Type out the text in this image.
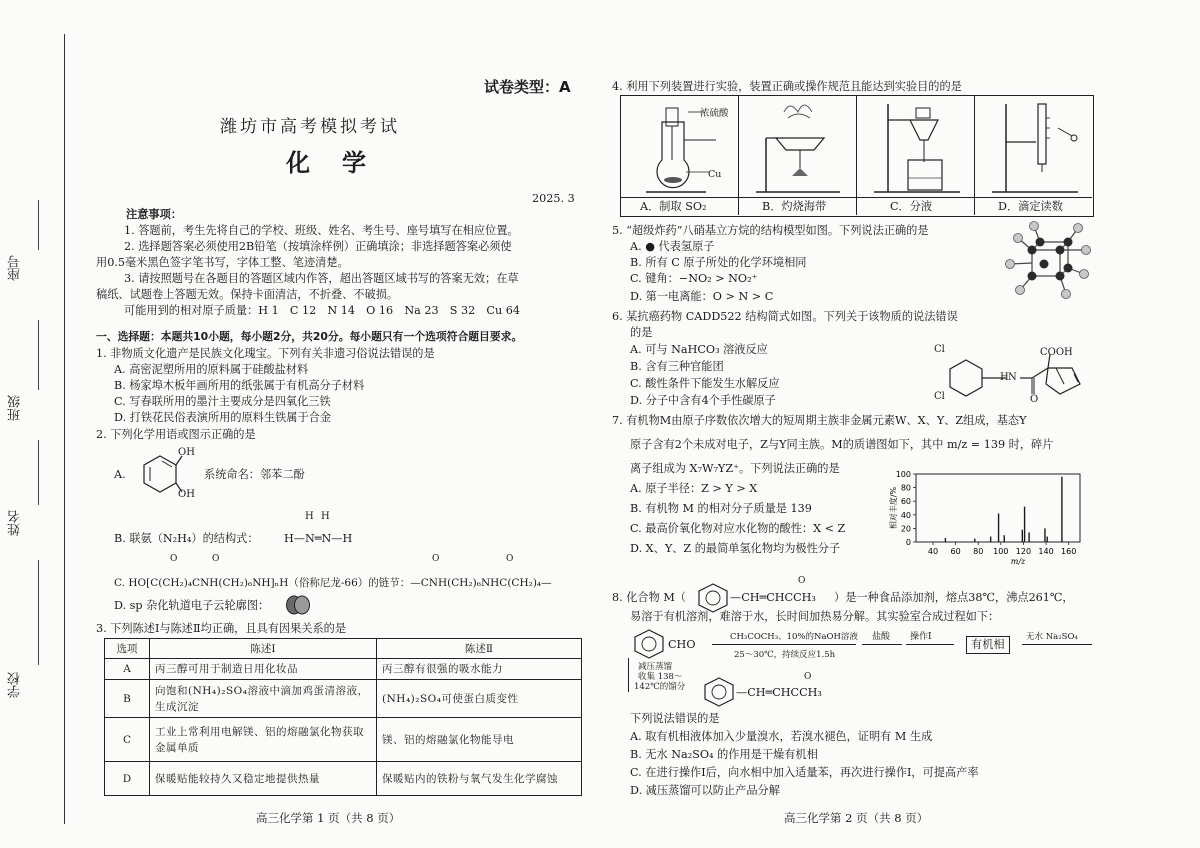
座号
班级
姓名
学校
试卷类型：A
潍坊市高考模拟考试
化　学
2025. 3
注意事项：
1. 答题前，考生先将自己的学校、班级、姓名、考生号、座号填写在相应位置。
2. 选择题答案必须使用2B铅笔（按填涂样例）正确填涂；非选择题答案必须使
用0.5毫米黑色签字笔书写，字体工整、笔迹清楚。
3. 请按照题号在各题目的答题区域内作答，超出答题区域书写的答案无效；在草
稿纸、试题卷上答题无效。保持卡面清洁，不折叠、不破损。
可能用到的相对原子质量：H 1　C 12　N 14　O 16　Na 23　S 32　Cu 64
一、选择题：本题共10小题，每小题2分，共20分。每小题只有一个选项符合题目要求。
1. 非物质文化遗产是民族文化瑰宝。下列有关非遗习俗说法错误的是
A. 高密泥塑所用的原料属于硅酸盐材料
B. 杨家埠木板年画所用的纸张属于有机高分子材料
C. 写春联所用的墨汁主要成分是四氧化三铁
D. 打铁花民俗表演所用的原料生铁属于合金
2. 下列化学用语或图示正确的是
A.
OH
OH
系统命名：邻苯二酚
B. 联氨（N₂H₄）的结构式：
H H
H—N═N—H
O	O	O	O
C. HO[C(CH₂)₄CNH(CH₂)₆NH]ₙH（俗称尼龙-66）的链节：—CNH(CH₂)₆NHC(CH₂)₄—
D. sp 杂化轨道电子云轮廓图：
3. 下列陈述Ⅰ与陈述Ⅱ均正确，且具有因果关系的是
选项	陈述Ⅰ	陈述Ⅱ
A	丙三醇可用于制造日用化妆品	丙三醇有很强的吸水能力
B	向饱和(NH₄)₂SO₄溶液中滴加鸡蛋清溶液，生成沉淀	(NH₄)₂SO₄可使蛋白质变性
C	工业上常利用电解镁、铝的熔融氯化物获取金属单质	镁、铝的熔融氯化物能导电
D	保暖贴能较持久又稳定地提供热量	保暖贴内的铁粉与氧气发生化学腐蚀
高三化学第 1 页（共 8 页）
4. 利用下列装置进行实验，装置正确或操作规范且能达到实验目的的是
浓硫酸
Cu
A．制取 SO₂	B．灼烧海带	C．分液	D．滴定读数
5. “超级炸药”八硝基立方烷的结构模型如图。下列说法正确的是
A. ● 代表氢原子
B. 所有 C 原子所处的化学环境相同
C. 键角：−NO₂ > NO₂⁺
D. 第一电离能：O > N > C
6. 某抗癌药物 CADD522 结构简式如图。下列关于该物质的说法错误
的是
A. 可与 NaHCO₃ 溶液反应
B. 含有三种官能团
C. 酸性条件下能发生水解反应
D. 分子中含有4个手性碳原子
Cl
Cl
N
H
COOH
O
7. 有机物M由原子序数依次增大的短周期主族非金属元素W、X、Y、Z组成，基态Y
原子含有2个未成对电子，Z与Y同主族。M的质谱图如下，其中 m/z = 139 时，碎片
离子组成为 X₇W₇YZ⁺。下列说法正确的是
A. 原子半径：Z > Y > X
B. 有机物 M 的相对分子质量是 139
C. 最高价氧化物对应水化物的酸性：X < Z
D. X、Y、Z 的最简单氢化物均为极性分子	0
20
40
60
80
100
40 60 80 100 120 140 160
相对丰度/%
m/z
8. 化合物 M（	—CH═CHCCH₃
O
）是一种食品添加剂，熔点38℃，沸点261℃，
易溶于有机溶剂，难溶于水，长时间加热易分解。其实验室合成过程如下：
CHO
CH₃COCH₃、10%的NaOH溶液
25～30℃，持续反应1.5h
盐酸 操作Ⅰ
有机相
无水 Na₂SO₄
减压蒸馏
收集 138～
142℃的馏分	—CH═CHCCH₃
O
下列说法错误的是
A. 取有机相液体加入少量溴水，若溴水褪色，证明有 M 生成
B. 无水 Na₂SO₄ 的作用是干燥有机相
C. 在进行操作Ⅰ后，向水相中加入适量苯，再次进行操作Ⅰ，可提高产率
D. 减压蒸馏可以防止产品分解
高三化学第 2 页（共 8 页）
